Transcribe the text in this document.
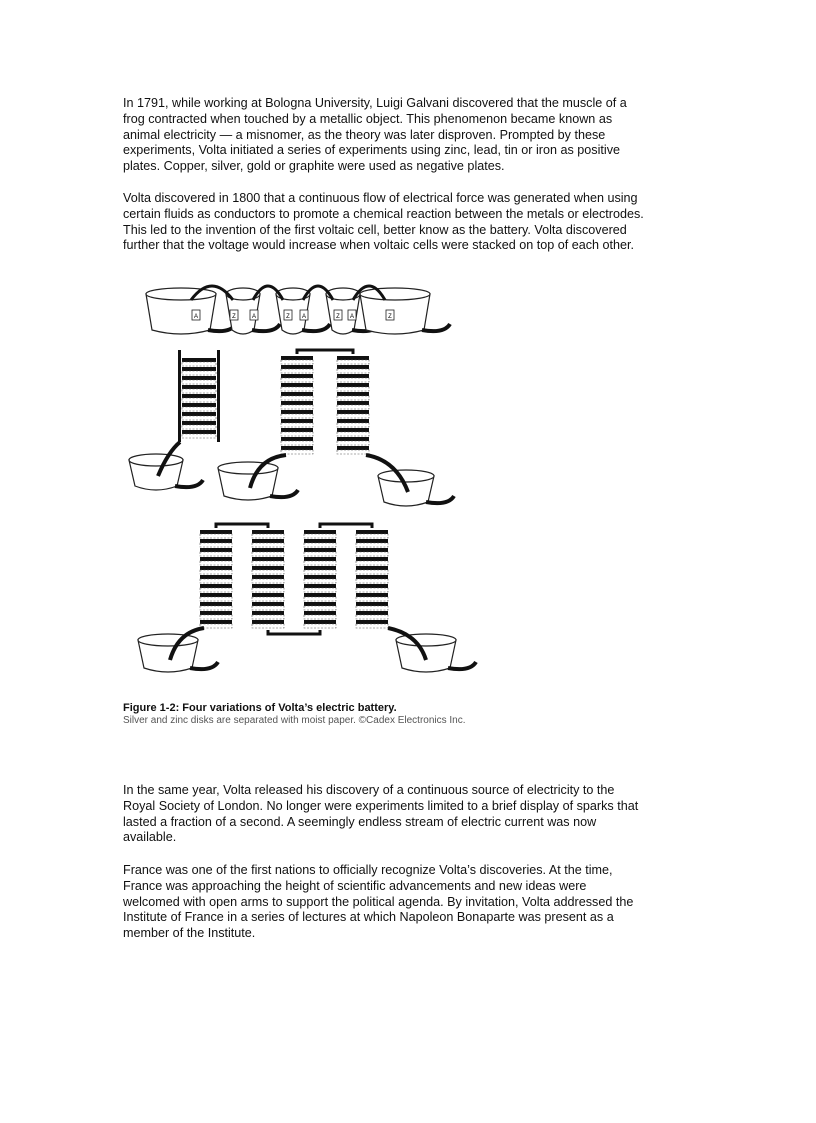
In 1791, while working at Bologna University, Luigi Galvani discovered that the muscle of a
frog contracted when touched by a metallic object. This phenomenon became known as
animal electricity — a misnomer, as the theory was later disproven. Prompted by these
experiments, Volta initiated a series of experiments using zinc, lead, tin or iron as positive
plates. Copper, silver, gold or graphite were used as negative plates.

Volta discovered in 1800 that a continuous flow of electrical force was generated when using
certain fluids as conductors to promote a chemical reaction between the metals or electrodes.
This led to the invention of the first voltaic cell, better know as the battery. Volta discovered
further that the voltage would increase when voltaic cells were stacked on top of each other.

A	Z	A	Z A	Z A	Z

Figure 1-2: Four variations of Volta’s electric battery.

Silver and zinc disks are separated with moist paper. ©Cadex Electronics Inc.

In the same year, Volta released his discovery of a continuous source of electricity to the
Royal Society of London. No longer were experiments limited to a brief display of sparks that
lasted a fraction of a second. A seemingly endless stream of electric current was now
available.

France was one of the first nations to officially recognize Volta’s discoveries. At the time,
France was approaching the height of scientific advancements and new ideas were
welcomed with open arms to support the political agenda. By invitation, Volta addressed the
Institute of France in a series of lectures at which Napoleon Bonaparte was present as a
member of the Institute.
